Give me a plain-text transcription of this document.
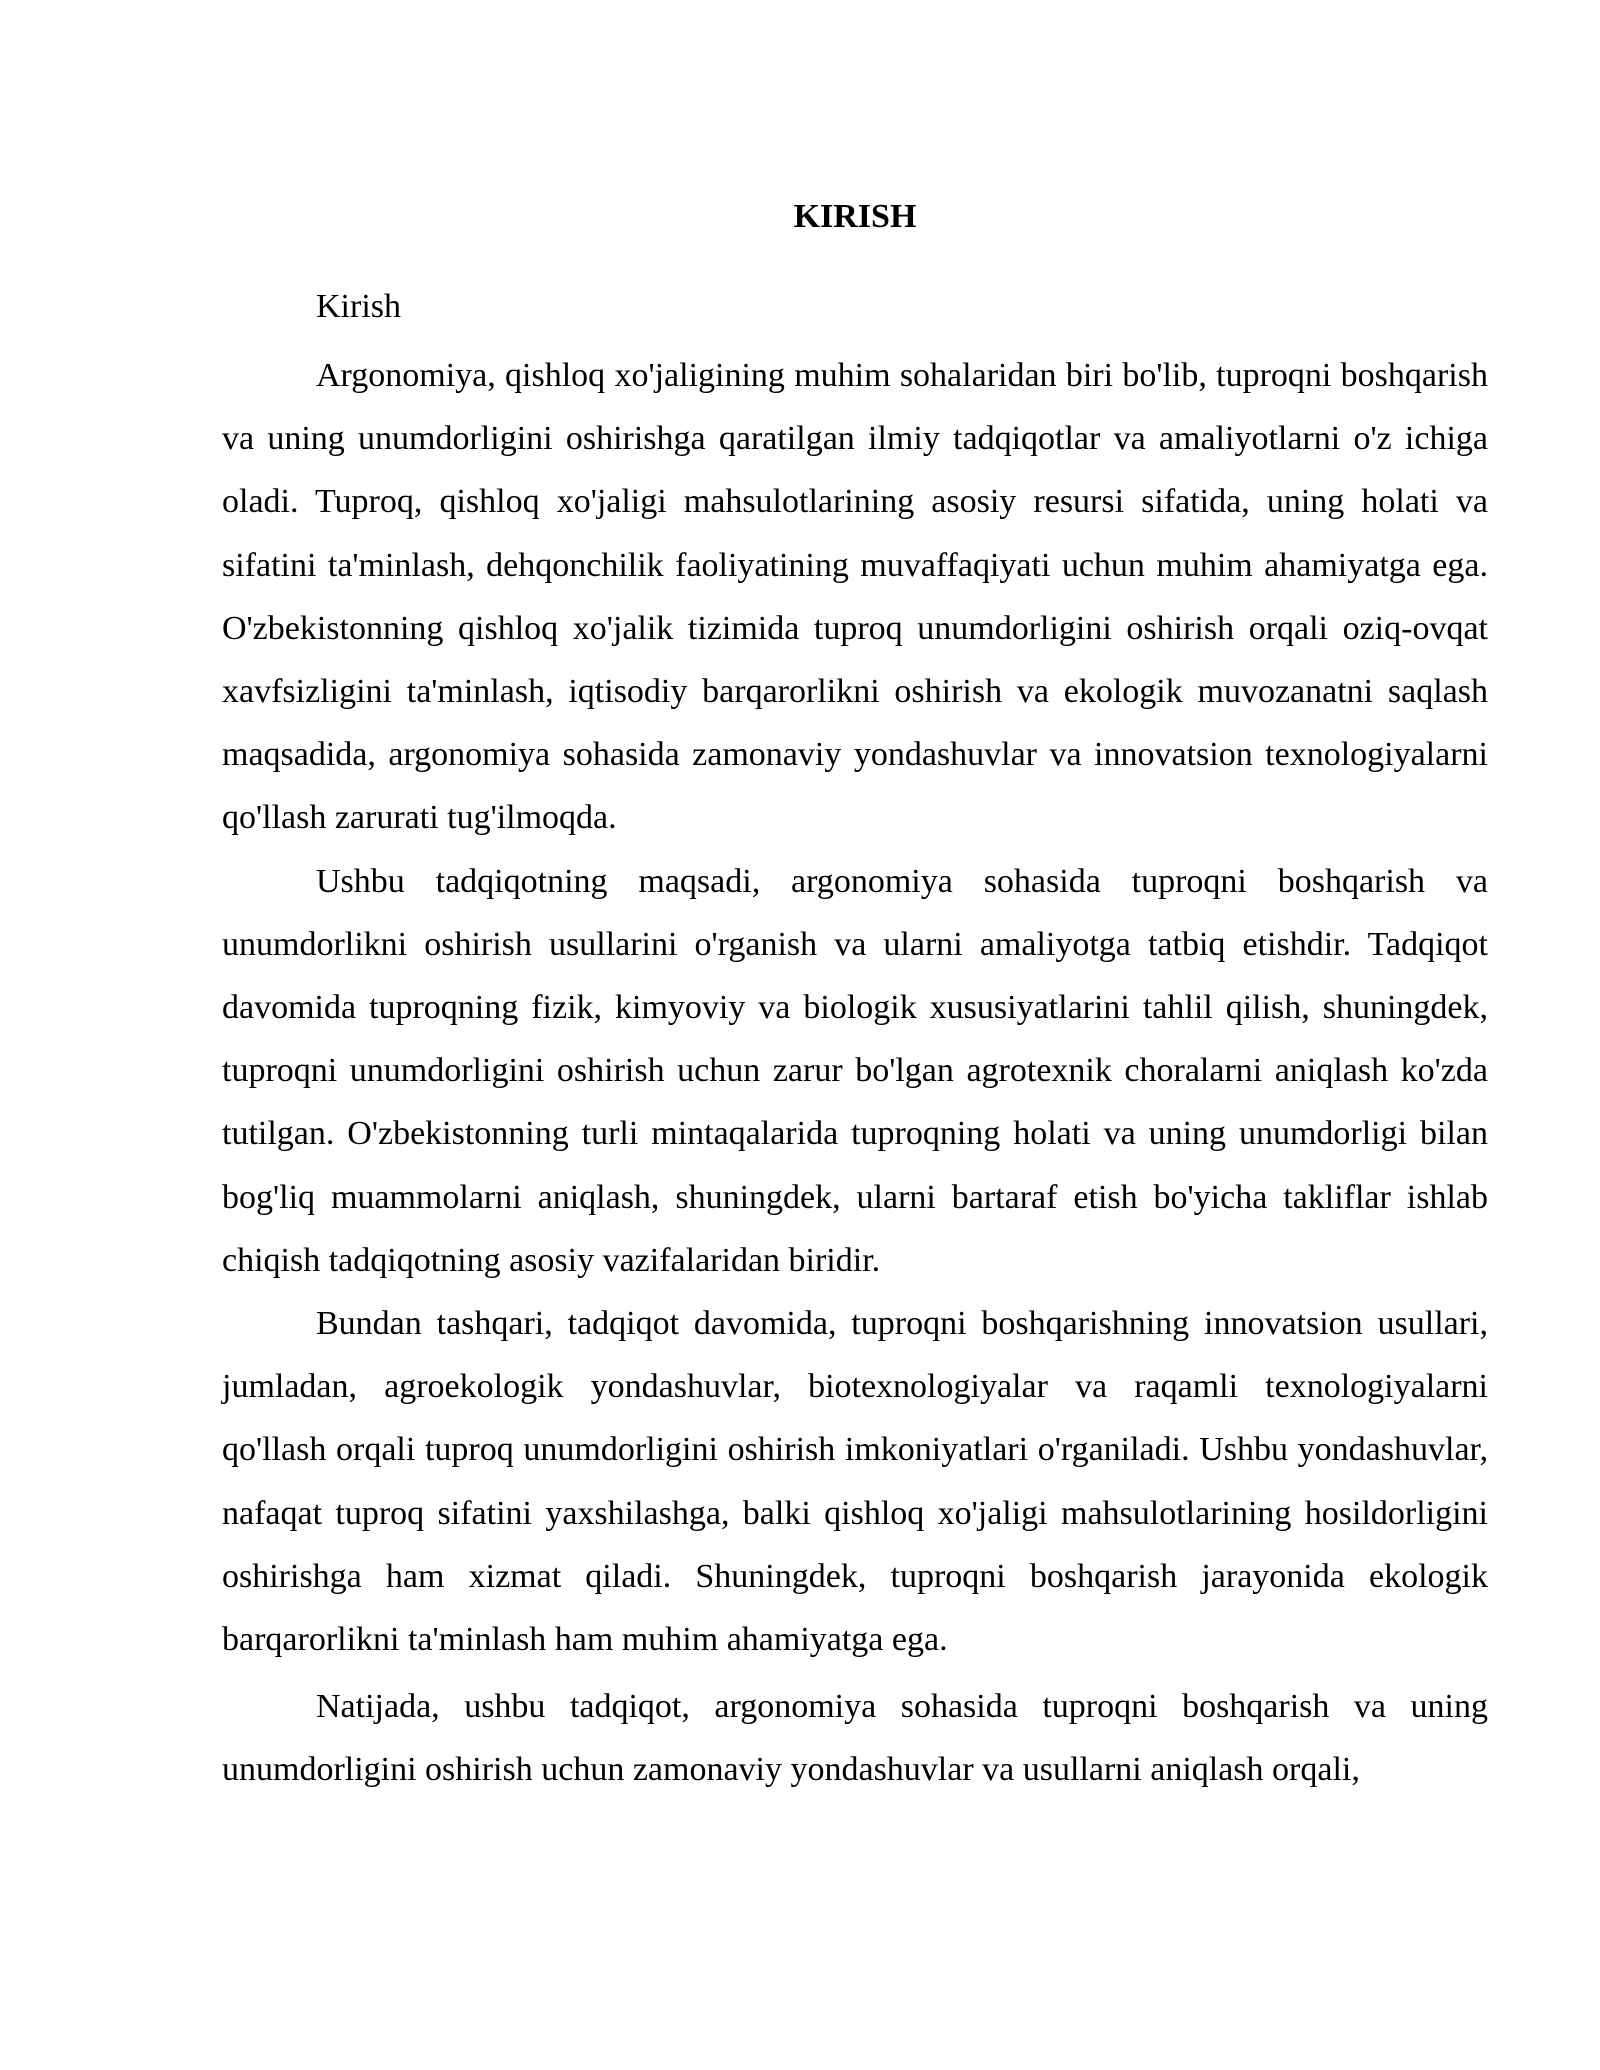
KIRISH

Kirish

Argonomiya, qishloq xo'jaligining muhim sohalaridan biri bo'lib, tuproqni boshqarish va uning unumdorligini oshirishga qaratilgan ilmiy tadqiqotlar va amaliyotlarni o'z ichiga oladi. Tuproq, qishloq xo'jaligi mahsulotlarining asosiy resursi sifatida, uning holati va sifatini ta'minlash, dehqonchilik faoliyatining muvaffaqiyati uchun muhim ahamiyatga ega. O'zbekistonning qishloq xo'jalik tizimida tuproq unumdorligini oshirish orqali oziq-ovqat xavfsizligini ta'minlash, iqtisodiy barqarorlikni oshirish va ekologik muvozanatni saqlash maqsadida, argonomiya sohasida zamonaviy yondashuvlar va innovatsion texnologiyalarni qo'llash zarurati tug'ilmoqda.

Ushbu tadqiqotning maqsadi, argonomiya sohasida tuproqni boshqarish va unumdorlikni oshirish usullarini o'rganish va ularni amaliyotga tatbiq etishdir. Tadqiqot davomida tuproqning fizik, kimyoviy va biologik xususiyatlarini tahlil qilish, shuningdek, tuproqni unumdorligini oshirish uchun zarur bo'lgan agrotexnik choralarni aniqlash ko'zda tutilgan. O'zbekistonning turli mintaqalarida tuproqning holati va uning unumdorligi bilan bog'liq muammolarni aniqlash, shuningdek, ularni bartaraf etish bo'yicha takliflar ishlab chiqish tadqiqotning asosiy vazifalaridan biridir.

Bundan tashqari, tadqiqot davomida, tuproqni boshqarishning innovatsion usullari, jumladan, agroekologik yondashuvlar, biotexnologiyalar va raqamli texnologiyalarni qo'llash orqali tuproq unumdorligini oshirish imkoniyatlari o'rganiladi. Ushbu yondashuvlar, nafaqat tuproq sifatini yaxshilashga, balki qishloq xo'jaligi mahsulotlarining hosildorligini oshirishga ham xizmat qiladi. Shuningdek, tuproqni boshqarish jarayonida ekologik barqarorlikni ta'minlash ham muhim ahamiyatga ega.

Natijada, ushbu tadqiqot, argonomiya sohasida tuproqni boshqarish va uning unumdorligini oshirish uchun zamonaviy yondashuvlar va usullarni aniqlash orqali,
